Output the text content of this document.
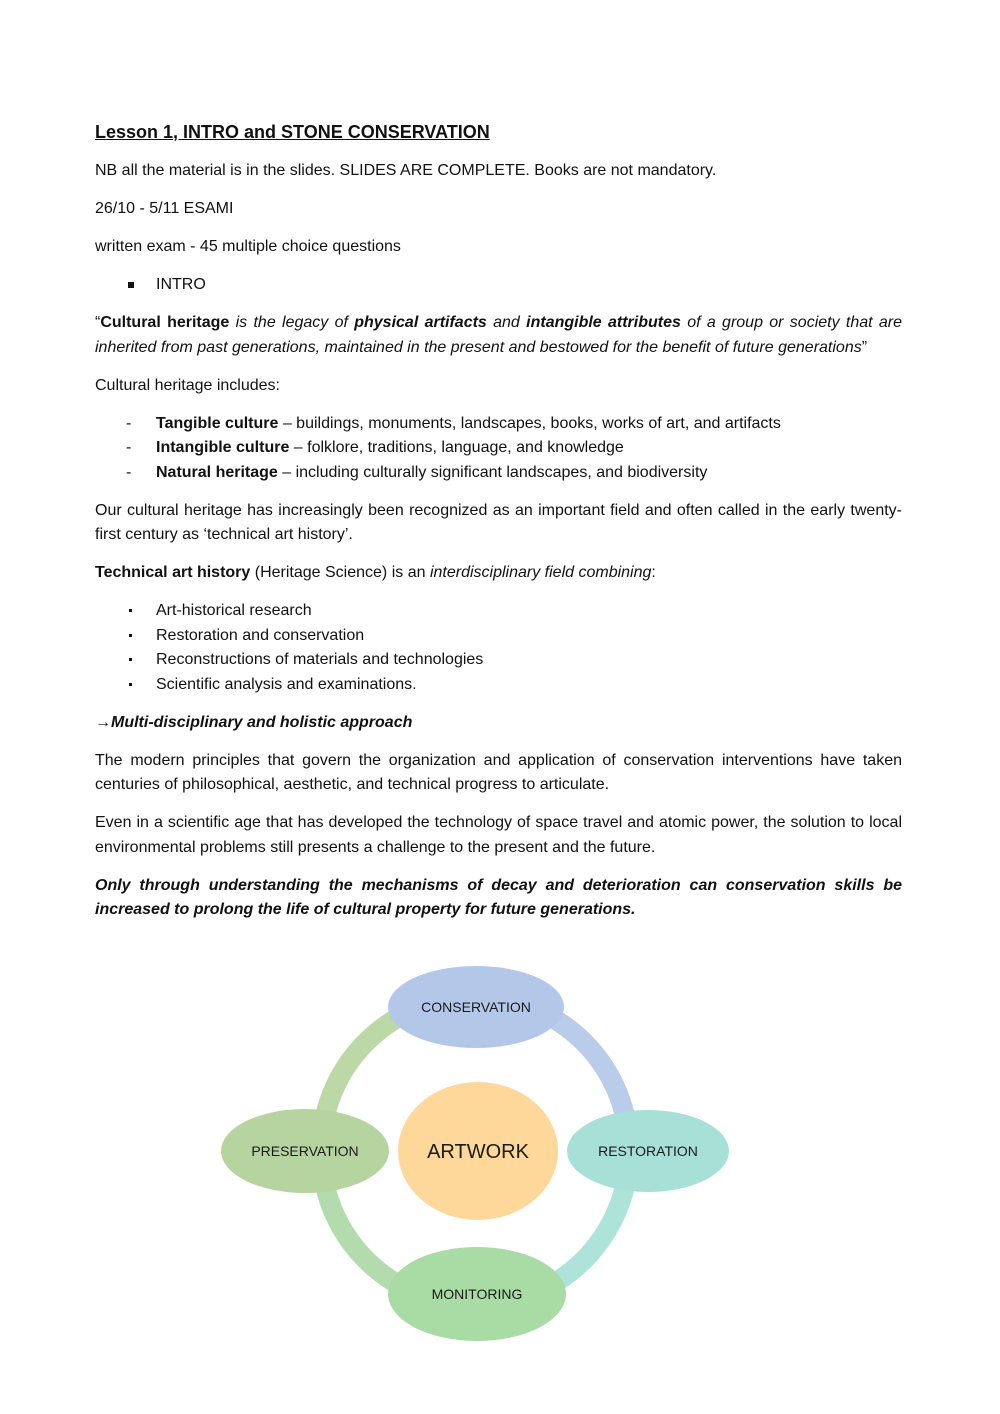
Lesson 1, INTRO and STONE CONSERVATION

NB all the material is in the slides. SLIDES ARE COMPLETE. Books are not mandatory.

26/10 - 5/11 ESAMI

written exam - 45 multiple choice questions

INTRO

“Cultural heritage is the legacy of physical artifacts and intangible attributes of a group or society that are inherited from past generations, maintained in the present and bestowed for the benefit of future generations”

Cultural heritage includes:

- Tangible culture – buildings, monuments, landscapes, books, works of art, and artifacts
- Intangible culture – folklore, traditions, language, and knowledge
- Natural heritage – including culturally significant landscapes, and biodiversity

Our cultural heritage has increasingly been recognized as an important field and often called in the early twenty-first century as ‘technical art history’.

Technical art history (Heritage Science) is an interdisciplinary field combining:

Art-historical research
Restoration and conservation
Reconstructions of materials and technologies
Scientific analysis and examinations.

→Multi-disciplinary and holistic approach

The modern principles that govern the organization and application of conservation interventions have taken centuries of philosophical, aesthetic, and technical progress to articulate.

Even in a scientific age that has developed the technology of space travel and atomic power, the solution to local environmental problems still presents a challenge to the present and the future.

Only through understanding the mechanisms of decay and deterioration can conservation skills be increased to prolong the life of cultural property for future generations.

ARTWORK
CONSERVATION
RESTORATION
MONITORING
PRESERVATION
